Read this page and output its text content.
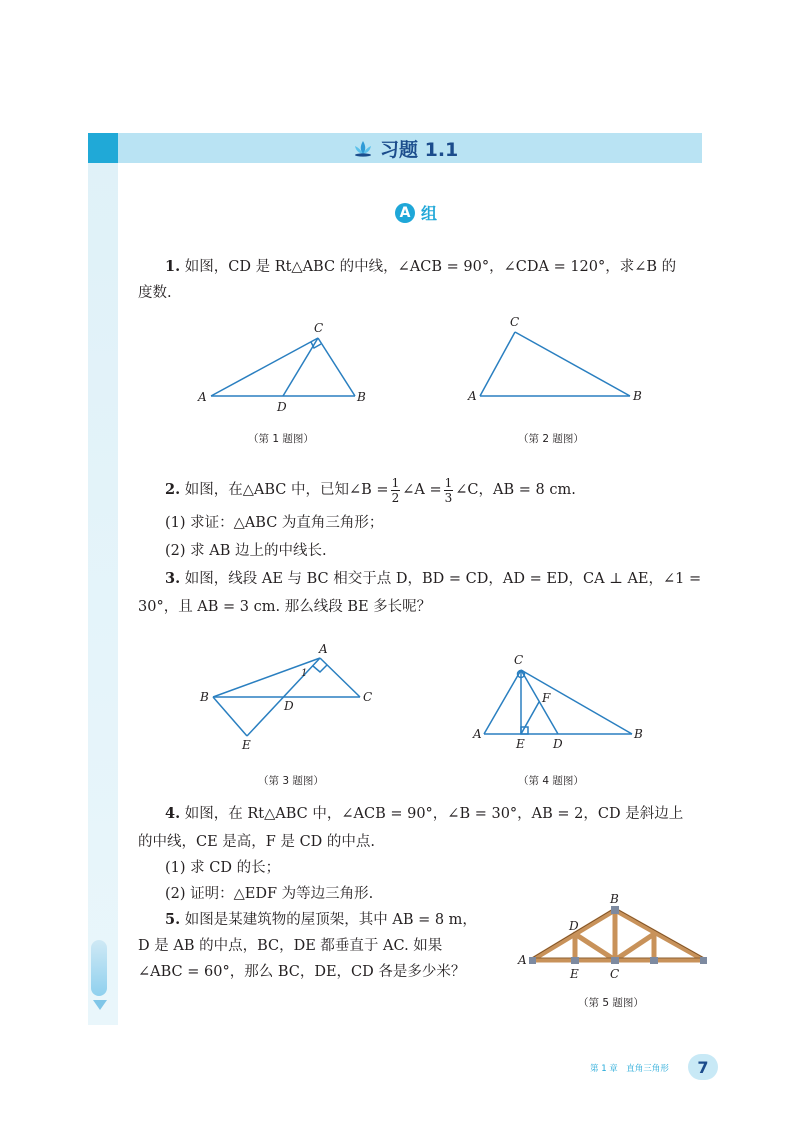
习题 1.1
A 组
1. 如图，CD 是 Rt△ABC 的中线，∠ACB = 90°，∠CDA = 120°，求∠B 的
度数.
A	B
C
D
（第 1 题图）
A	B
C
（第 2 题图）
2. 如图，在△ABC 中，已知∠B = $\frac{1}{2}$ ∠A = $\frac{1}{3}$ ∠C，AB = 8 cm.
(1) 求证：△ABC 为直角三角形；
(2) 求 AB 边上的中线长.
3. 如图，线段 AE 与 BC 相交于点 D，BD = CD，AD = ED，CA ⊥ AE，∠1 =
30°，且 AB = 3 cm. 那么线段 BE 多长呢？
A
B	C
D
E
1
（第 3 题图）
A	B
C
D
E
F
（第 4 题图）
4. 如图，在 Rt△ABC 中，∠ACB = 90°，∠B = 30°，AB = 2，CD 是斜边上
的中线，CE 是高，F 是 CD 的中点.
(1) 求 CD 的长；
(2) 证明：△EDF 为等边三角形.
5. 如图是某建筑物的屋顶架，其中 AB = 8 m，
D 是 AB 的中点，BC，DE 都垂直于 AC. 如果
∠ABC = 60°，那么 BC，DE，CD 各是多少米？
B
D
A
E	C
（第 5 题图）
第 1 章　直角三角形	7
